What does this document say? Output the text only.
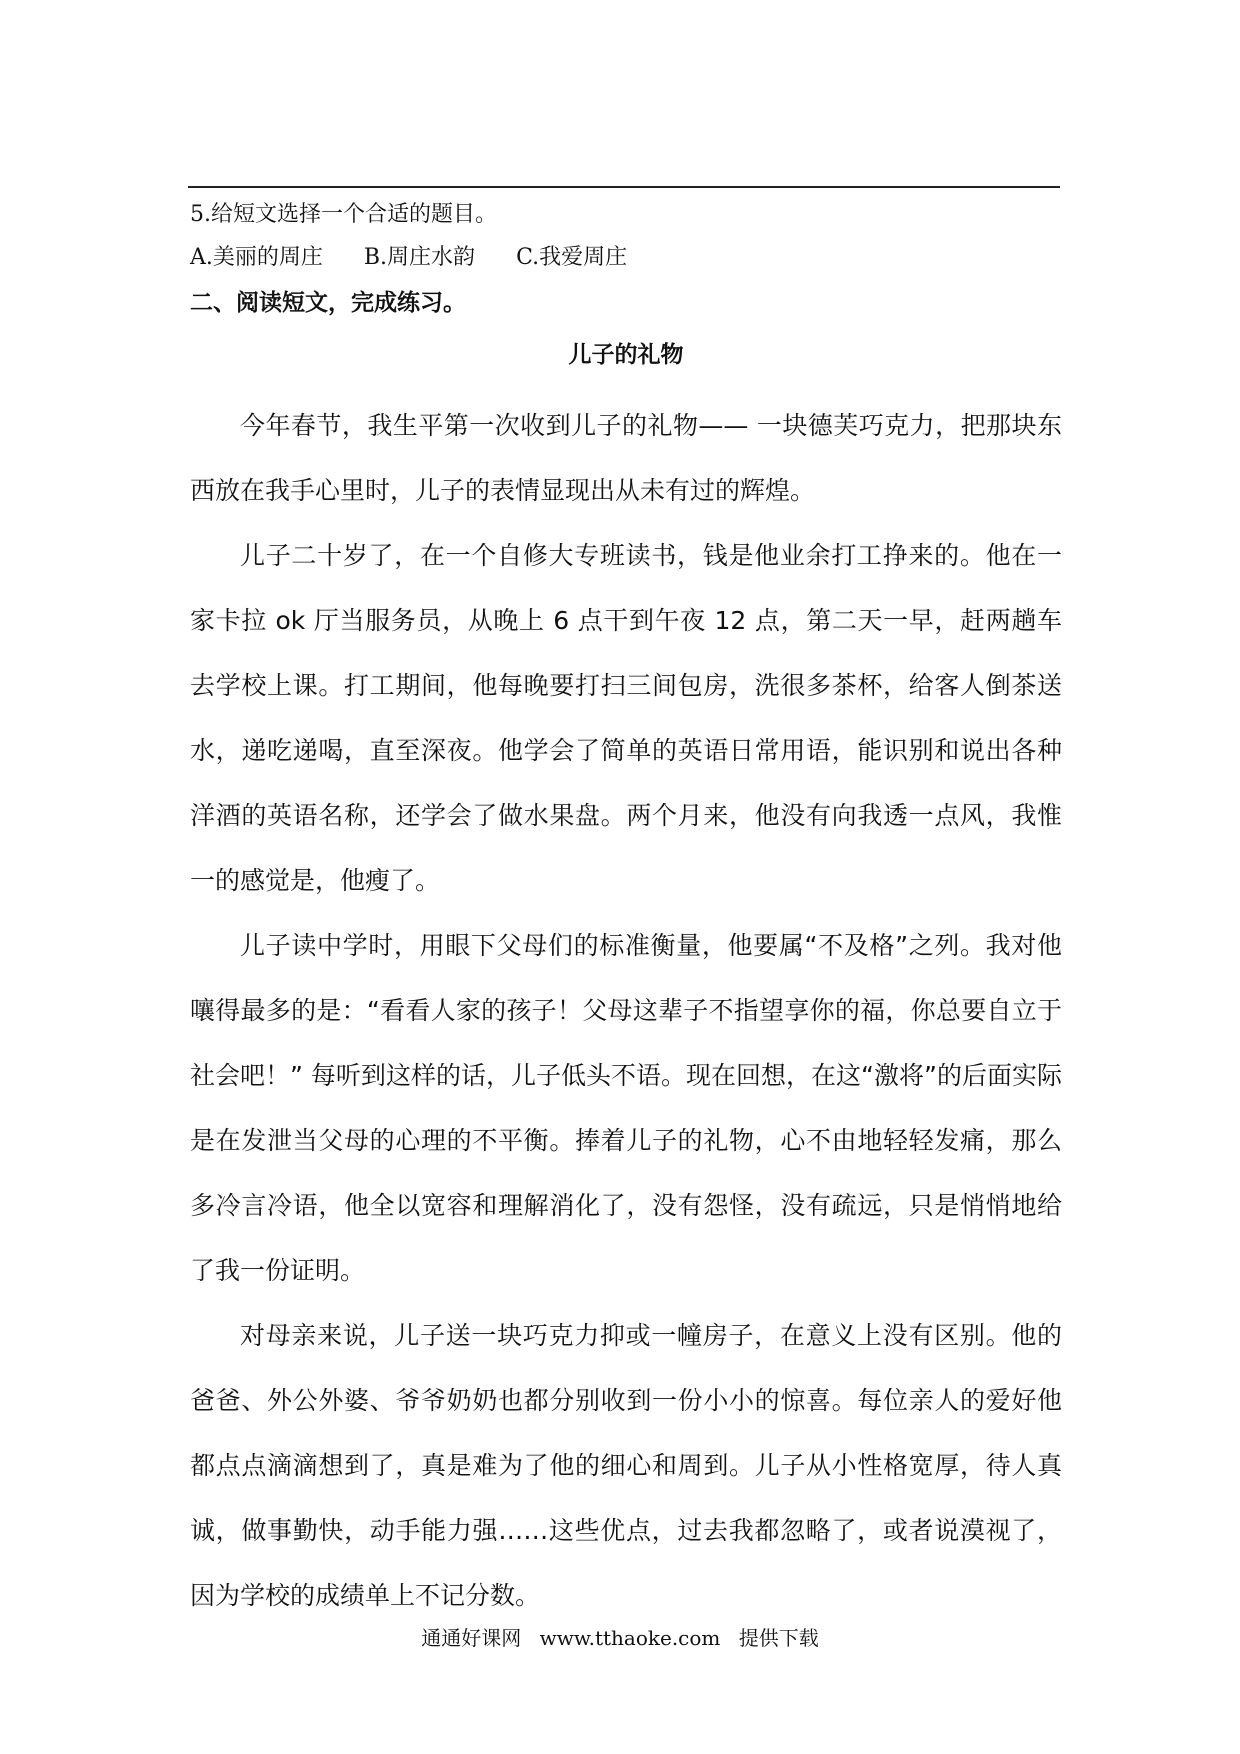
5.给短文选择一个合适的题目。
A.美丽的周庄 B.周庄水韵 C.我爱周庄
二、阅读短文，完成练习。
儿子的礼物

今年春节，我生平第一次收到儿子的礼物—— 一块德芙巧克力，把那块东西放在我手心里时，儿子的表情显现出从未有过的辉煌。

儿子二十岁了，在一个自修大专班读书，钱是他业余打工挣来的。他在一家卡拉 ok 厅当服务员，从晚上 6 点干到午夜 12 点，第二天一早，赶两趟车去学校上课。打工期间，他每晚要打扫三间包房，洗很多茶杯，给客人倒茶送水，递吃递喝，直至深夜。他学会了简单的英语日常用语，能识别和说出各种洋酒的英语名称，还学会了做水果盘。两个月来，他没有向我透一点风，我惟一的感觉是，他瘦了。

儿子读中学时，用眼下父母们的标准衡量，他要属“不及格”之列。我对他嚷得最多的是：“看看人家的孩子！父母这辈子不指望享你的福，你总要自立于社会吧！” 每听到这样的话，儿子低头不语。现在回想，在这“激将”的后面实际是在发泄当父母的心理的不平衡。捧着儿子的礼物，心不由地轻轻发痛，那么多冷言冷语，他全以宽容和理解消化了，没有怨怪，没有疏远，只是悄悄地给了我一份证明。

对母亲来说，儿子送一块巧克力抑或一幢房子，在意义上没有区别。他的爸爸、外公外婆、爷爷奶奶也都分别收到一份小小的惊喜。每位亲人的爱好他都点点滴滴想到了，真是难为了他的细心和周到。儿子从小性格宽厚，待人真诚，做事勤快，动手能力强……这些优点，过去我都忽略了，或者说漠视了，因为学校的成绩单上不记分数。

通通好课网 www.tthaoke.com 提供下载
